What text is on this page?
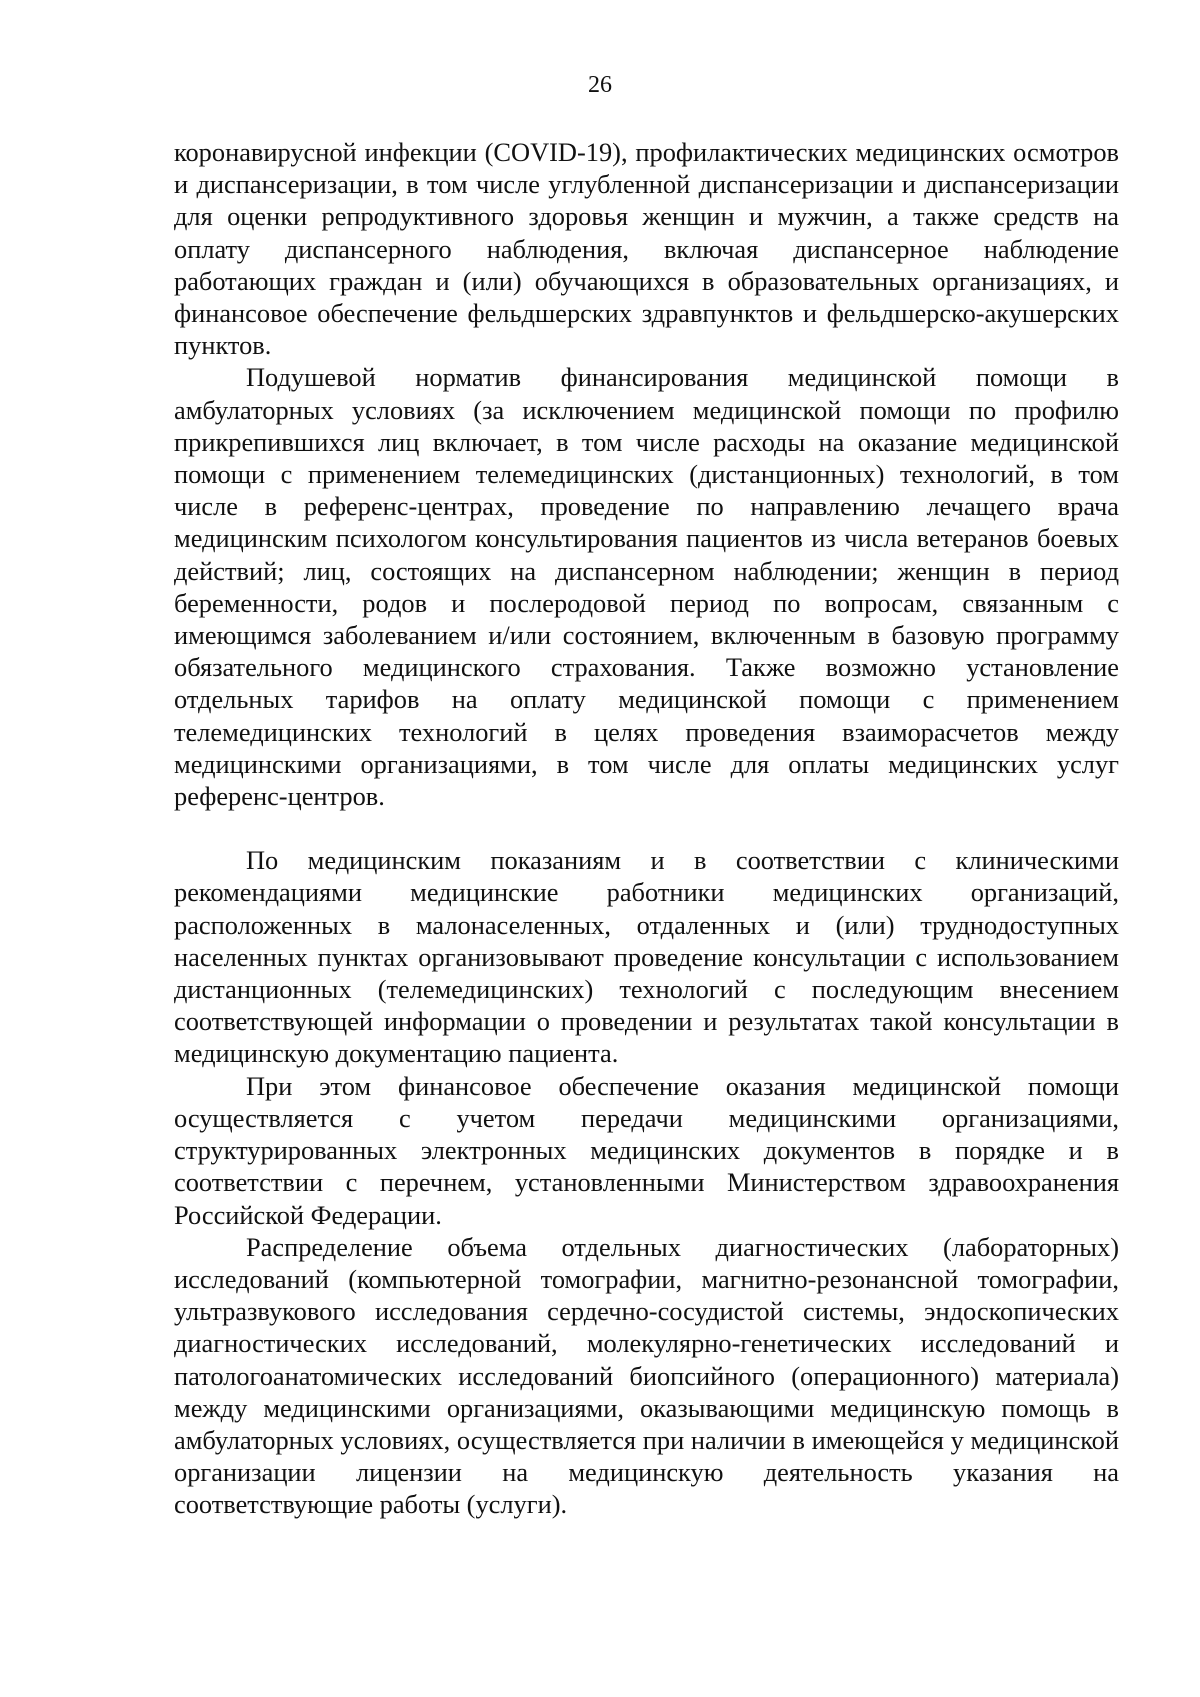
26

коронавирусной инфекции (COVID-19), профилактических медицинских осмотров и диспансеризации, в том числе углубленной диспансеризации и диспансеризации для оценки репродуктивного здоровья женщин и мужчин, а также средств на оплату диспансерного наблюдения, включая диспансерное наблюдение работающих граждан и (или) обучающихся в образовательных организациях, и финансовое обеспечение фельдшерских здравпунктов и фельдшерско-акушерских пунктов.

Подушевой норматив финансирования медицинской помощи в амбулаторных условиях (за исключением медицинской помощи по профилю прикрепившихся лиц включает, в том числе расходы на оказание медицинской помощи с применением телемедицинских (дистанционных) технологий, в том числе в референс-центрах, проведение по направлению лечащего врача медицинским психологом консультирования пациентов из числа ветеранов боевых действий; лиц, состоящих на диспансерном наблюдении; женщин в период беременности, родов и послеродовой период по вопросам, связанным с имеющимся заболеванием и/или состоянием, включенным в базовую программу обязательного медицинского страхования. Также возможно установление отдельных тарифов на оплату медицинской помощи с применением телемедицинских технологий в целях проведения взаиморасчетов между медицинскими организациями, в том числе для оплаты медицинских услуг референс-центров.

По медицинским показаниям и в соответствии с клиническими рекомендациями медицинские работники медицинских организаций, расположенных в малонаселенных, отдаленных и (или) труднодоступных населенных пунктах организовывают проведение консультации с использованием дистанционных (телемедицинских) технологий с последующим внесением соответствующей информации о проведении и результатах такой консультации в медицинскую документацию пациента.

При этом финансовое обеспечение оказания медицинской помощи осуществляется с учетом передачи медицинскими организациями, структурированных электронных медицинских документов в порядке и в соответствии с перечнем, установленными Министерством здравоохранения Российской Федерации.

Распределение объема отдельных диагностических (лабораторных) исследований (компьютерной томографии, магнитно-резонансной томографии, ультразвукового исследования сердечно-сосудистой системы, эндоскопических диагностических исследований, молекулярно-генетических исследований и патологоанатомических исследований биопсийного (операционного) материала) между медицинскими организациями, оказывающими медицинскую помощь в амбулаторных условиях, осуществляется при наличии в имеющейся у медицинской организации лицензии на медицинскую деятельность указания на соответствующие работы (услуги).
